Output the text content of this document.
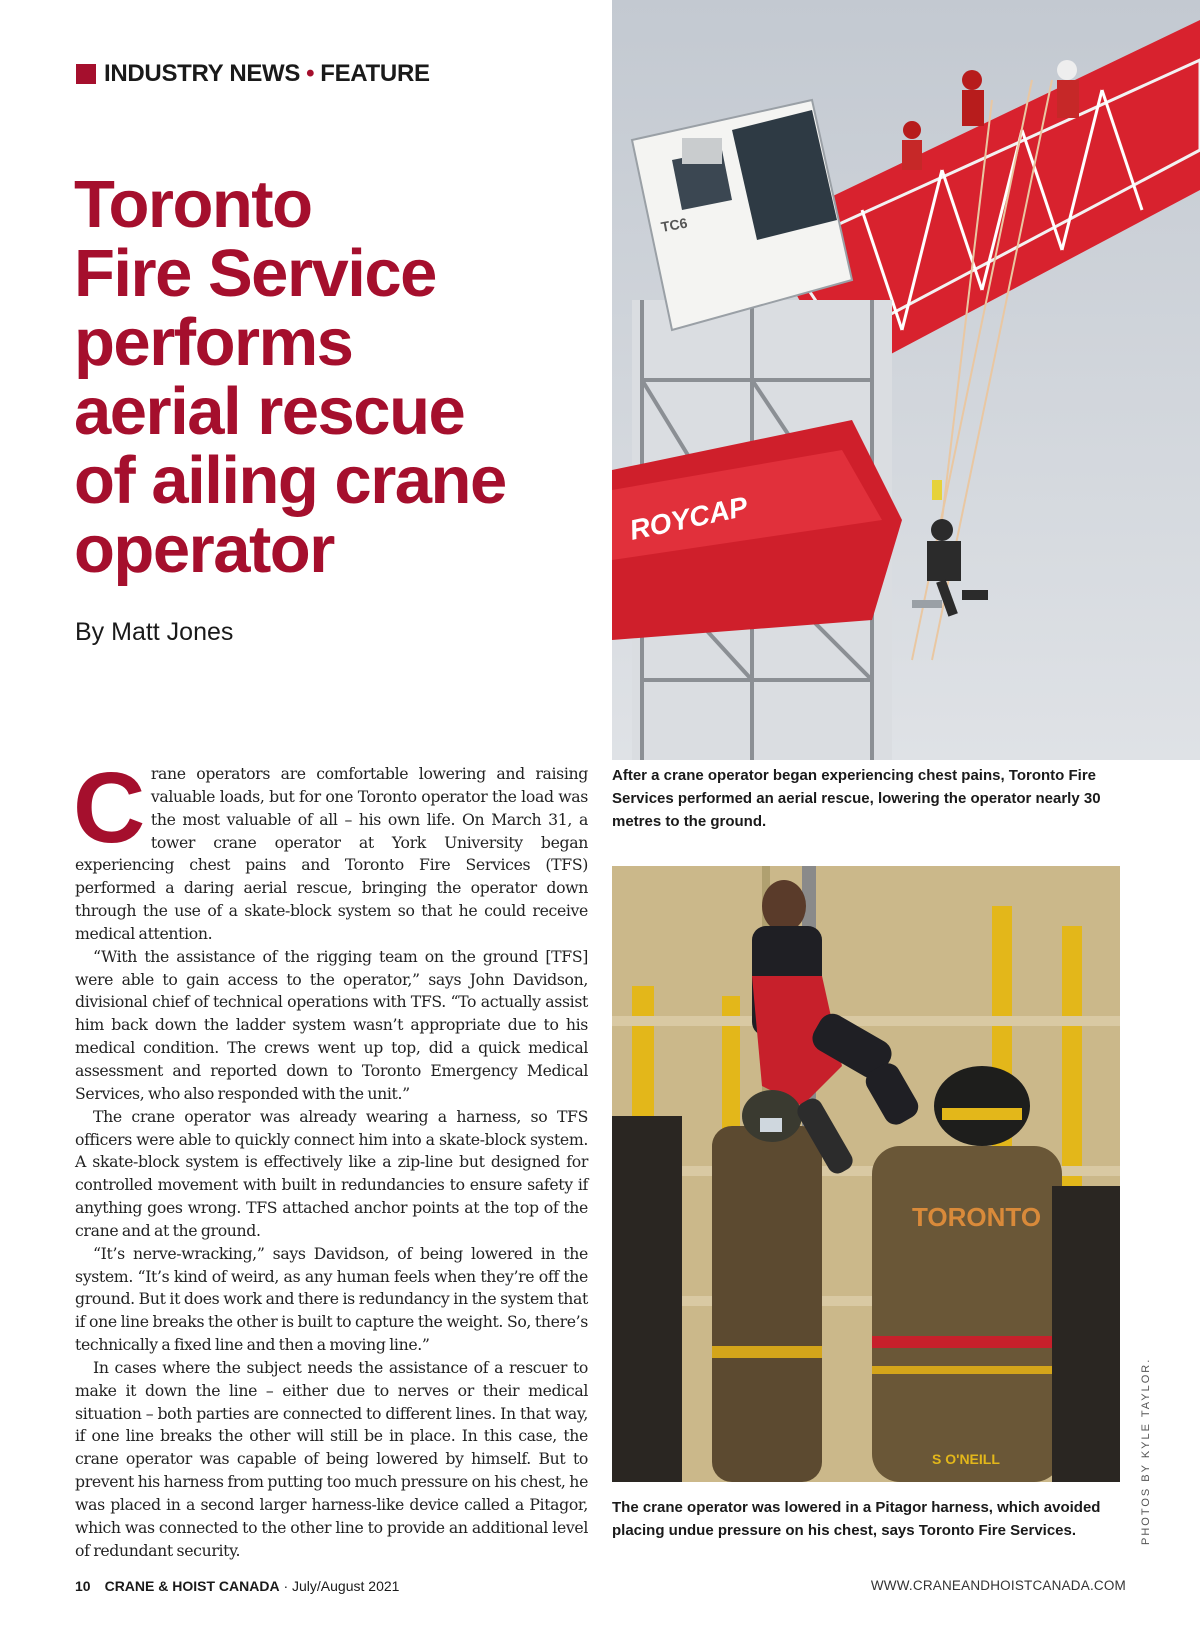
INDUSTRY NEWS • FEATURE
Toronto
Fire Service
performs
aerial rescue
of ailing crane
operator
By Matt Jones

Crane operators are comfortable lowering and raising valuable loads, but for one Toronto operator the load was the most valuable of all – his own life. On March 31, a tower crane operator at York University began experiencing chest pains and Toronto Fire Services (TFS) performed a daring aerial rescue, bringing the operator down through the use of a skate-block system so that he could receive medical attention.

“With the assistance of the rigging team on the ground [TFS] were able to gain access to the operator,” says John Davidson, divisional chief of technical operations with TFS. “To actually assist him back down the ladder system wasn’t appropriate due to his medical condition. The crews went up top, did a quick medical assessment and reported down to Toronto Emergency Medical Services, who also responded with the unit.”

The crane operator was already wearing a harness, so TFS officers were able to quickly connect him into a skate-block system. A skate-block system is effectively like a zip-line but designed for controlled movement with built in redundancies to ensure safety if anything goes wrong. TFS attached anchor points at the top of the crane and at the ground.

“It’s nerve-wracking,” says Davidson, of being lowered in the system. “It’s kind of weird, as any human feels when they’re off the ground. But it does work and there is redundancy in the system that if one line breaks the other is built to capture the weight. So, there’s technically a fixed line and then a moving line.”

In cases where the subject needs the assistance of a rescuer to make it down the line – either due to nerves or their medical situation – both parties are connected to different lines. In that way, if one line breaks the other will still be in place. In this case, the crane operator was capable of being lowered by himself. But to prevent his harness from putting too much pressure on his chest, he was placed in a second larger harness-like device called a Pitagor, which was connected to the other line to provide an additional level of redundant security.

ROYCAP
TC6
After a crane operator began experiencing chest pains, Toronto Fire Services performed an aerial rescue, lowering the operator nearly 30 metres to the ground.
TORONTO
S O'NEILL
The crane operator was lowered in a Pitagor harness, which avoided placing undue pressure on his chest, says Toronto Fire Services.	PHOTOS BY KYLE TAYLOR.
10 CRANE & HOIST CANADA · July/August 2021	WWW.CRANEANDHOISTCANADA.COM
